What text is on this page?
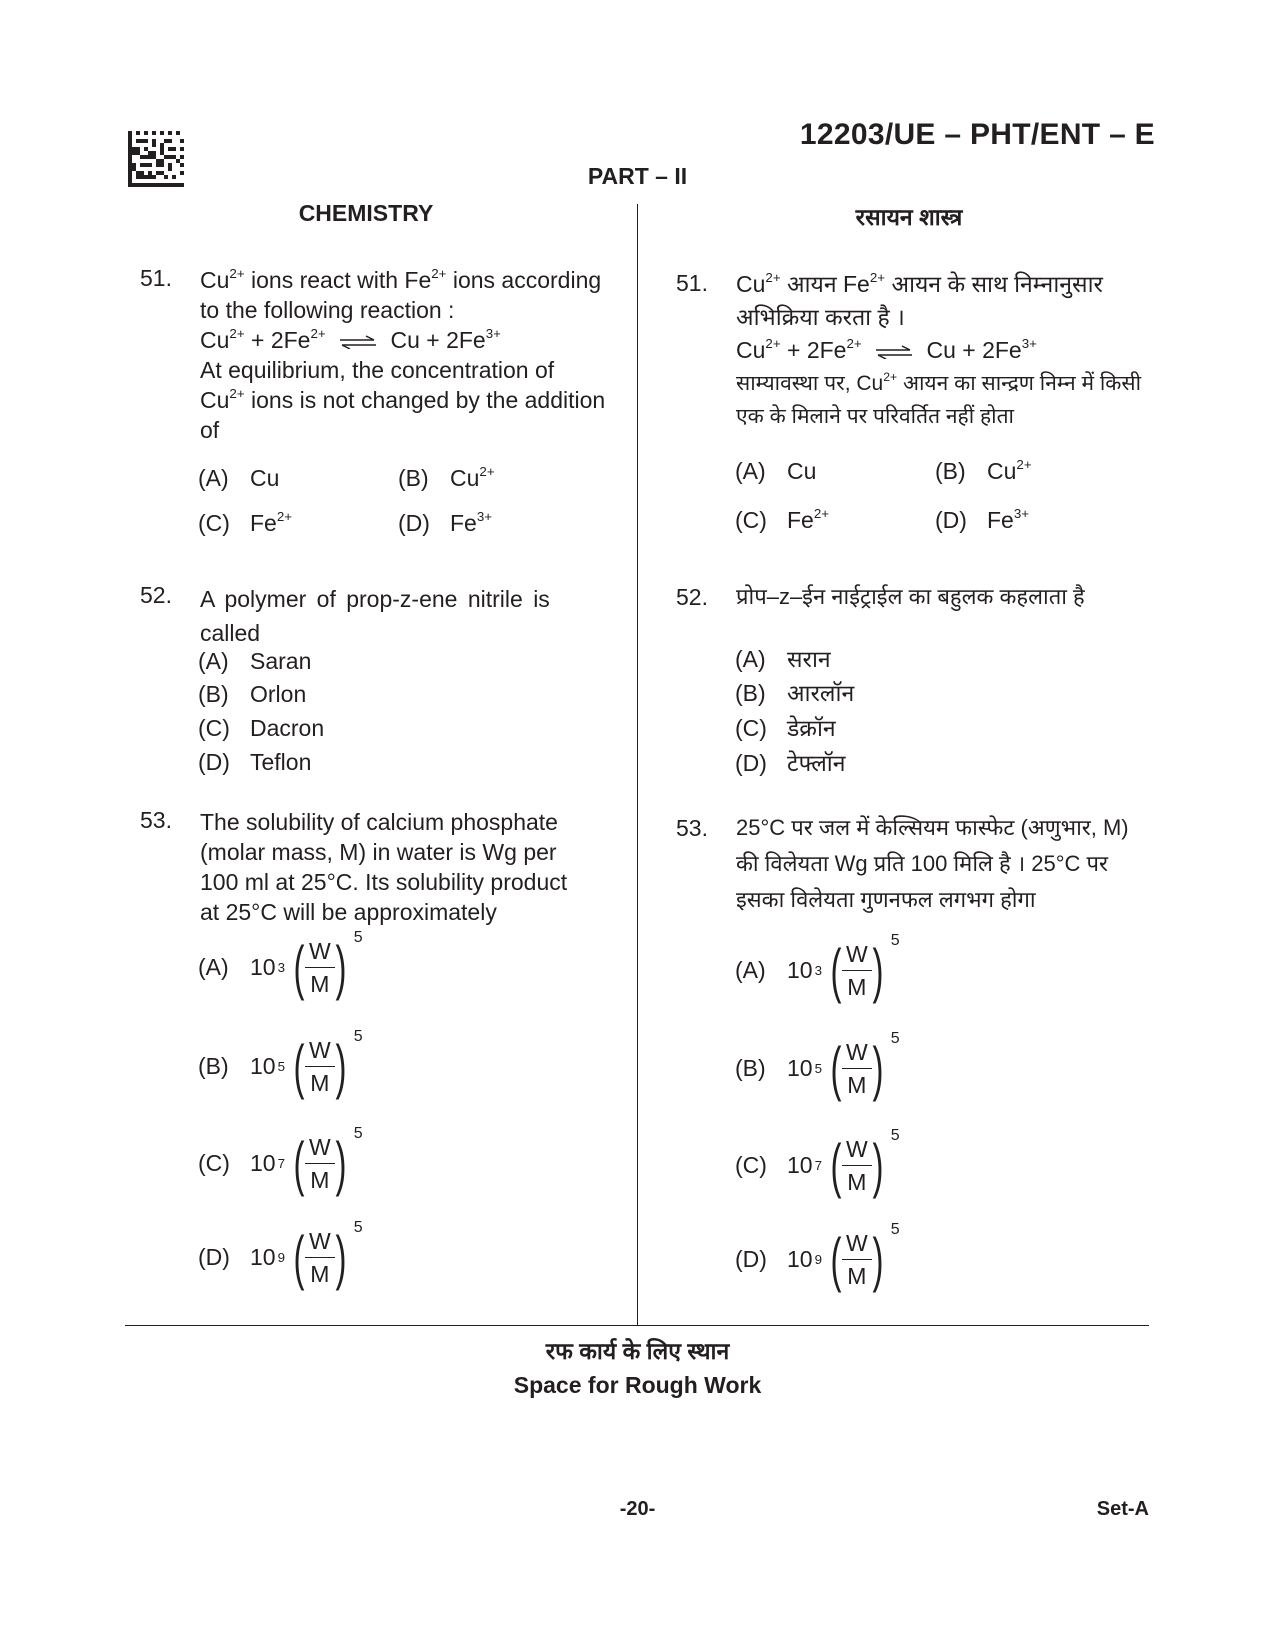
12203/UE – PHT/ENT – E
PART – II
CHEMISTRY	रसायन शास्त्र
51. $Cu^{2+}$ ions react with $Fe^{2+}$ ions according
to the following reaction :
$Cu^{2+} + 2Fe^{2+}$ ⇌ $Cu + 2Fe^{3+}$
At equilibrium, the concentration of
$Cu^{2+}$ ions is not changed by the addition
of
(A) Cu	(B) $Cu^{2+}$
(C) $Fe^{2+}$	(D) $Fe^{3+}$
52. A polymer of prop-z-ene nitrile is
called
(A) Saran
(B) Orlon
(C) Dacron
(D) Teflon
53. The solubility of calcium phosphate
(molar mass, M) in water is Wg per
100 ml at 25°C. Its solubility product
at 25°C will be approximately
(A) 10 3 ( $\frac{W}{M}$ ) 5
(B) 10 5 ( $\frac{W}{M}$ ) 5
(C) 10 7 ( $\frac{W}{M}$ ) 5
(D) 10 9 ( $\frac{W}{M}$ ) 5
51. $Cu^{2+}$ आयन $Fe^{2+}$ आयन के साथ निम्नानुसार
अभिक्रिया करता है ।
$Cu^{2+} + 2Fe^{2+}$ ⇌ $Cu + 2Fe^{3+}$
साम्यावस्था पर, $Cu^{2+}$ आयन का सान्द्रण निम्न में किसी
एक के मिलाने पर परिवर्तित नहीं होता
(A) Cu	(B) $Cu^{2+}$
(C) $Fe^{2+}$	(D) $Fe^{3+}$
52. प्रोप–z–ईन नाईट्राईल का बहुलक कहलाता है
(A) सरान
(B) आरलॉन
(C) डेक्रॉन
(D) टेफ्लॉन
53. 25°C पर जल में केल्सियम फास्फेट (अणुभार, M)
की विलेयता Wg प्रति 100 मिलि है । 25°C पर
इसका विलेयता गुणनफल लगभग होगा
(A) 10 3 ( $\frac{W}{M}$ ) 5
(B) 10 5 ( $\frac{W}{M}$ ) 5
(C) 10 7 ( $\frac{W}{M}$ ) 5
(D) 10 9 ( $\frac{W}{M}$ ) 5
रफ कार्य के लिए स्थान
Space for Rough Work
-20-	Set-A
